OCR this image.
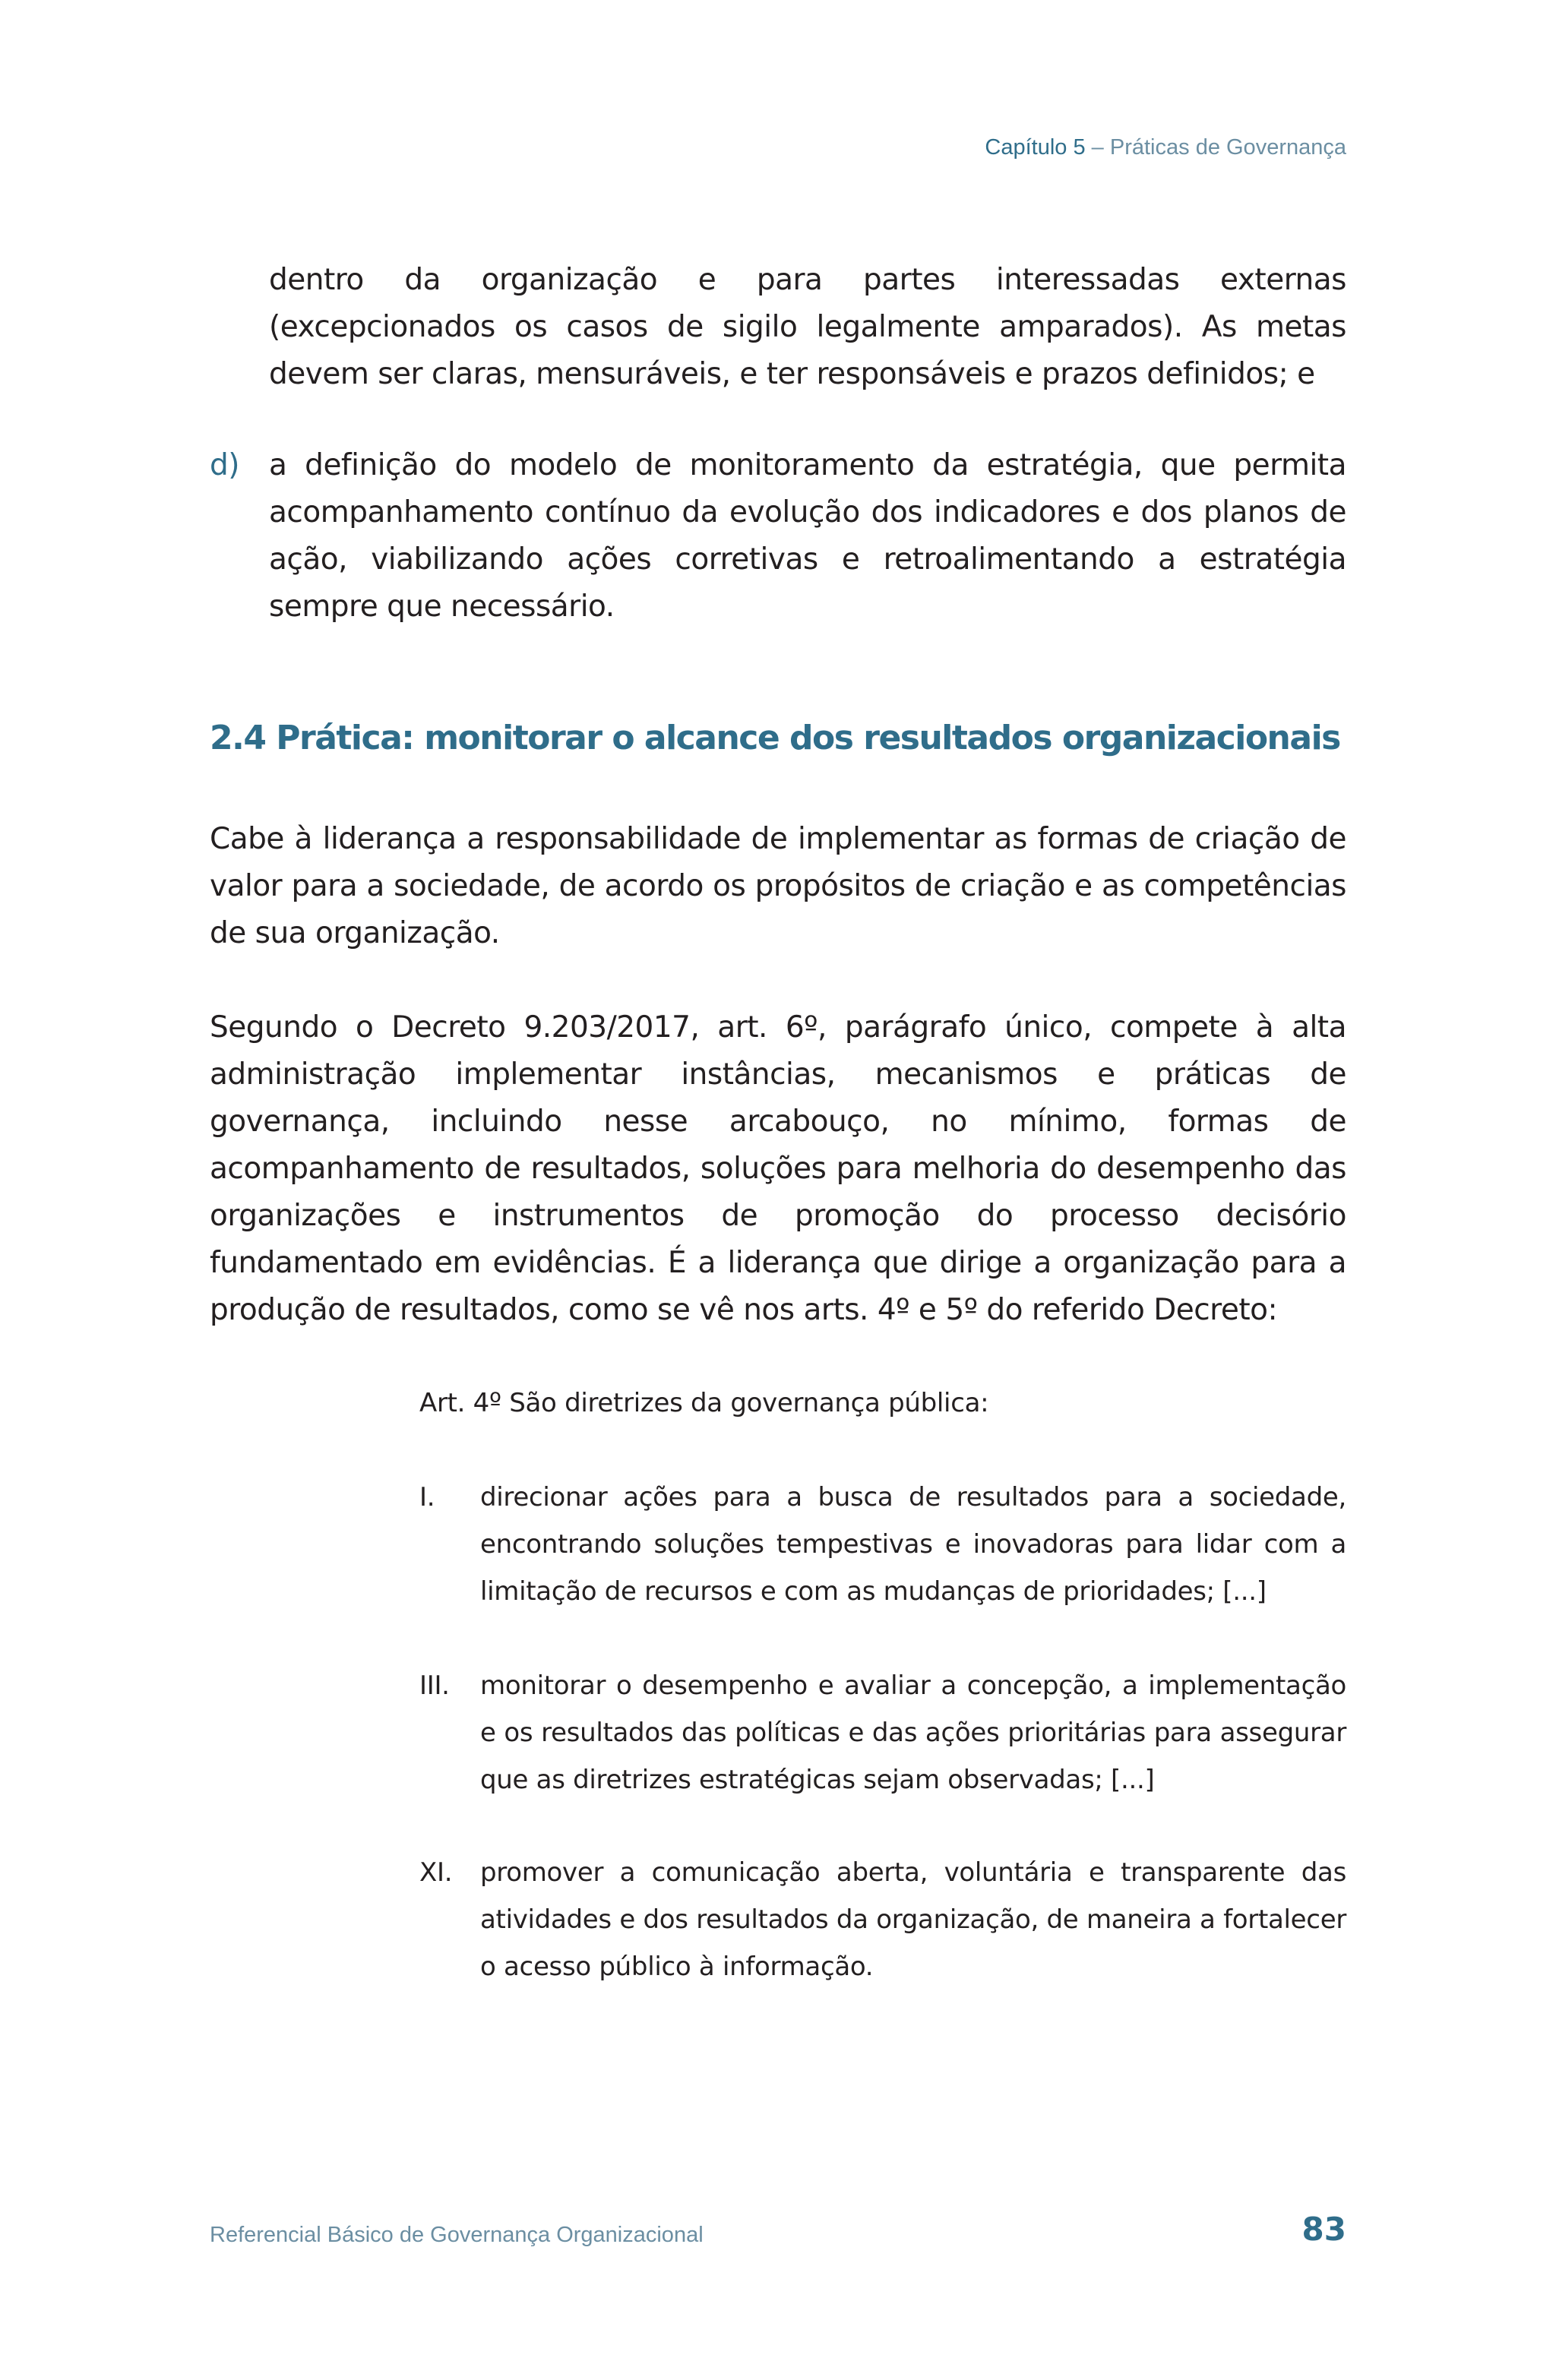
Capítulo 5 – Práticas de Governança
dentro da organização e para partes interessadas externas (excepcionados os casos de sigilo legalmente amparados). As metas devem ser claras, mensuráveis, e ter responsáveis e prazos definidos; e
d) a definição do modelo de monitoramento da estratégia, que permita acompanhamento contínuo da evolução dos indicadores e dos planos de ação, viabilizando ações corretivas e retroalimentando a estratégia sempre que necessário.
2.4 Prática: monitorar o alcance dos resultados organizacionais
Cabe à liderança a responsabilidade de implementar as formas de criação de valor para a sociedade, de acordo os propósitos de criação e as competências de sua organização.
Segundo o Decreto 9.203/2017, art. 6º, parágrafo único, compete à alta administração implementar instâncias, mecanismos e práticas de governança, incluindo nesse arcabouço, no mínimo, formas de acompanhamento de resultados, soluções para melhoria do desempenho das organizações e instrumentos de promoção do processo decisório fundamentado em evidências. É a liderança que dirige a organização para a produção de resultados, como se vê nos arts. 4º e 5º do referido Decreto:
Art. 4º São diretrizes da governança pública:
I. direcionar ações para a busca de resultados para a sociedade, encontrando soluções tempestivas e inovadoras para lidar com a limitação de recursos e com as mudanças de prioridades; [...]
III. monitorar o desempenho e avaliar a concepção, a implementação e os resultados das políticas e das ações prioritárias para assegurar que as diretrizes estratégicas sejam observadas; [...]
XI. promover a comunicação aberta, voluntária e transparente das atividades e dos resultados da organização, de maneira a fortalecer o acesso público à informação.
Referencial Básico de Governança Organizacional	83
